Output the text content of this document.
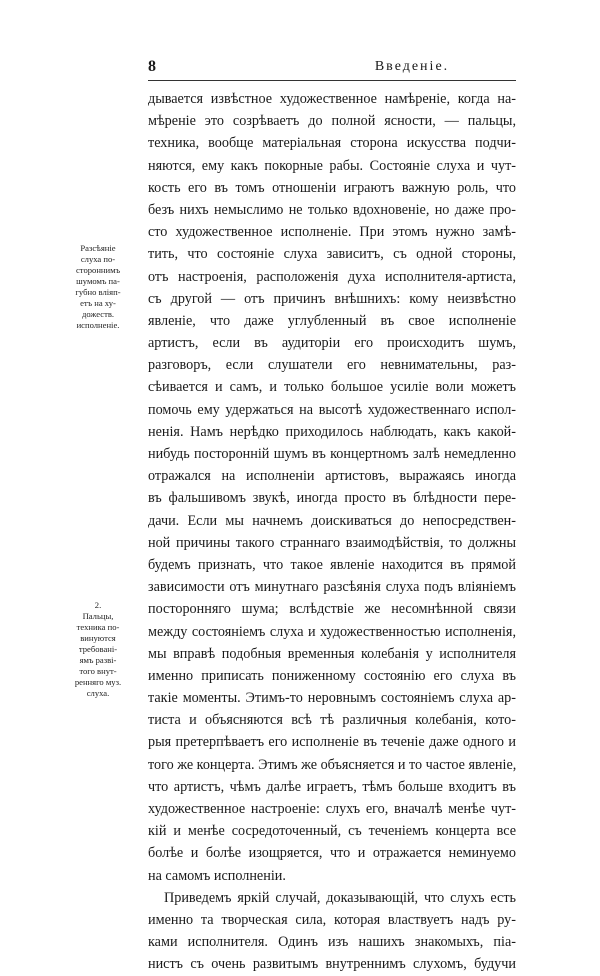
8	Введеніе.
Разсѣяніе
слуха по-
стороннимъ
шумомъ па-
губно вліяп-
етъ на ху-
дожеств.
исполненіе.
2.
Пальцы,
техника по-
винуются
требовані-
ямъ разві-
того внут-
ренняго муз.
слуха.
дывается извѣстное художественное намѣреніе, когда на-
мѣреніе это созрѣваетъ до полной ясности, — пальцы,
техника, вообще матеріальная сторона искусства подчи-
няются, ему какъ покорные рабы. Состояніе слуха и чут-
кость его въ томъ отношеніи играютъ важную роль, что
безъ нихъ немыслимо не только вдохновеніе, но даже про-
сто художественное исполненіе. При этомъ нужно замѣ-
тить, что состояніе слуха зависитъ, съ одной стороны,
отъ настроенія, расположенія духа исполнителя-артиста,
съ другой — отъ причинъ внѣшнихъ: кому неизвѣстно
явленіе, что даже углубленный въ свое исполненіе
артистъ, если въ аудиторіи его происходитъ шумъ,
разговоръ, если слушатели его невнимательны, раз-
сѣивается и самъ, и только большое усиліе воли можетъ
помочь ему удержаться на высотѣ художественнаго испол-
ненія. Намъ нерѣдко приходилось наблюдать, какъ какой-
нибудь посторонній шумъ въ концертномъ залѣ немедленно
отражался на исполненіи артистовъ, выражаясь иногда
въ фальшивомъ звукѣ, иногда просто въ блѣдности пере-
дачи. Если мы начнемъ доискиваться до непосредствен-
ной причины такого страннаго взаимодѣйствія, то должны
будемъ признать, что такое явленіе находится въ прямой
зависимости отъ минутнаго разсѣянія слуха подъ вліяніемъ
посторонняго шума; вслѣдствіе же несомнѣнной связи
между состояніемъ слуха и художественностью исполненія,
мы вправѣ подобныя временныя колебанія у исполнителя
именно приписать пониженному состоянію его слуха въ
такіе моменты. Этимъ-то неровнымъ состояніемъ слуха ар-
тиста и объясняются всѣ тѣ различныя колебанія, кото-
рыя претерпѣваетъ его исполненіе въ теченіе даже одного и
того же концерта. Этимъ же объясняется и то частое явленіе,
что артистъ, чѣмъ далѣе играетъ, тѣмъ больше входитъ въ
художественное настроеніе: слухъ его, вначалѣ менѣе чут-
кій и менѣе сосредоточенный, съ теченіемъ концерта все
болѣе и болѣе изощряется, что и отражается неминуемо
на самомъ исполненіи.
Приведемъ яркій случай, доказывающій, что слухъ есть
именно та творческая сила, которая властвуетъ надъ ру-
ками исполнителя. Одинъ изъ нашихъ знакомыхъ, піа-
нистъ съ очень развитымъ внутреннимъ слухомъ, будучи
